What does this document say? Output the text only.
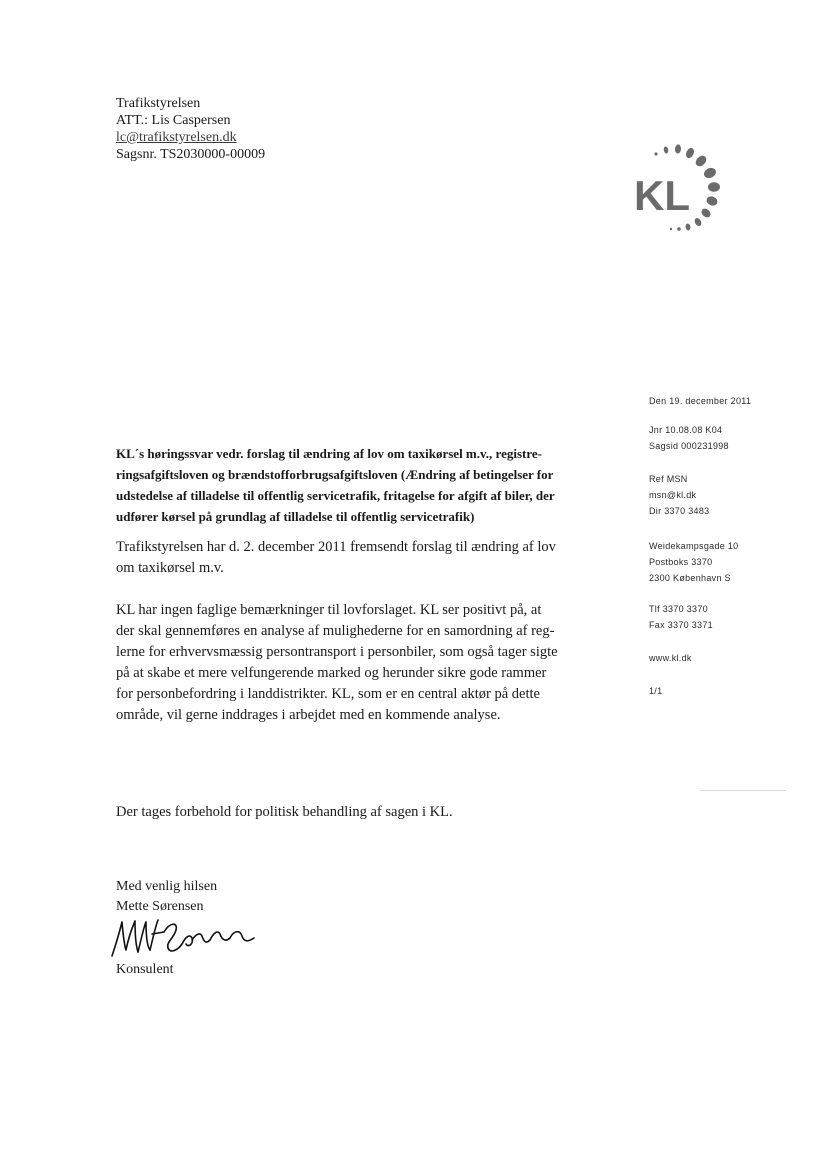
Trafikstyrelsen
ATT.: Lis Caspersen
lc@trafikstyrelsen.dk
Sagsnr. TS2030000-00009
KL
Den 19. december 2011
Jnr 10.08.08 K04
Sagsid 000231998
Ref MSN
msn@kl.dk
Dir 3370 3483
Weidekampsgade 10
Postboks 3370
2300 København S
Tlf 3370 3370
Fax 3370 3371
www.kl.dk
1/1
KL´s høringssvar vedr. forslag til ændring af lov om taxikørsel m.v., registre-
ringsafgiftsloven og brændstofforbrugsafgiftsloven (Ændring af betingelser for
udstedelse af tilladelse til offentlig servicetrafik, fritagelse for afgift af biler, der
udfører kørsel på grundlag af tilladelse til offentlig servicetrafik)
Trafikstyrelsen har d. 2. december 2011 fremsendt forslag til ændring af lov
om taxikørsel m.v.
KL har ingen faglige bemærkninger til lovforslaget. KL ser positivt på, at
der skal gennemføres en analyse af mulighederne for en samordning af reg-
lerne for erhvervsmæssig persontransport i personbiler, som også tager sigte
på at skabe et mere velfungerende marked og herunder sikre gode rammer
for personbefordring i landdistrikter. KL, som er en central aktør på dette
område, vil gerne inddrages i arbejdet med en kommende analyse.
Der tages forbehold for politisk behandling af sagen i KL.
Med venlig hilsen
Mette Sørensen
Konsulent
